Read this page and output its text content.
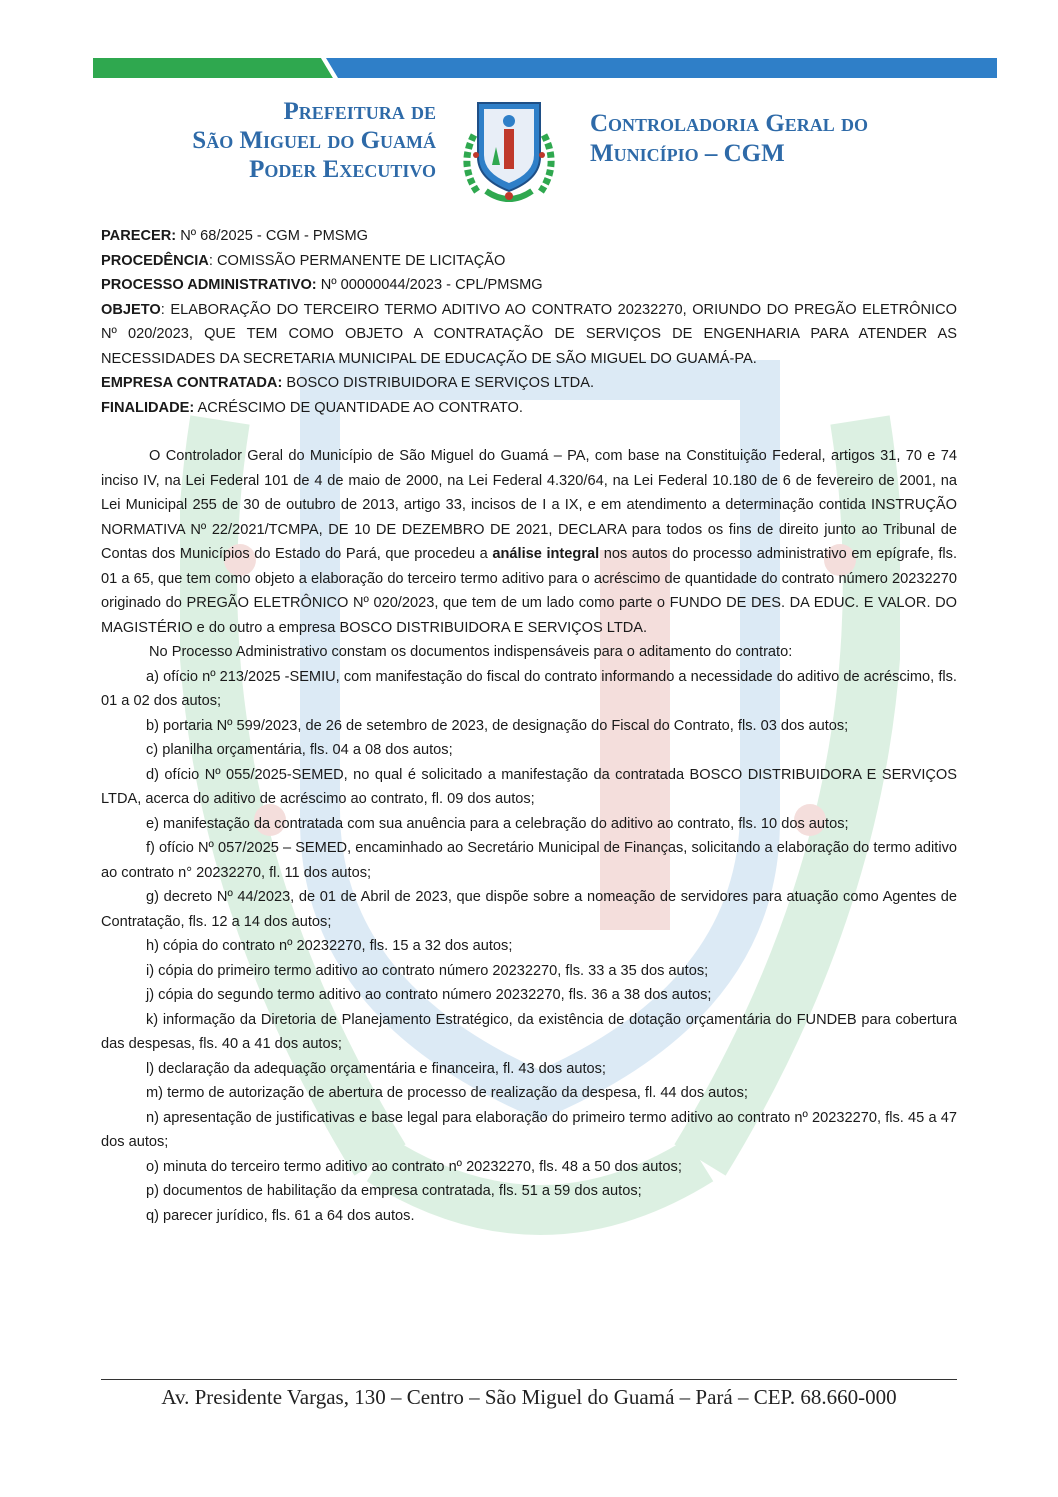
Prefeitura de
São Miguel do Guamá
Poder Executivo
Controladoria Geral do
Município – CGM

PARECER: Nº 68/2025 - CGM - PMSMG

PROCEDÊNCIA: COMISSÃO PERMANENTE DE LICITAÇÃO

PROCESSO ADMINISTRATIVO: Nº 00000044/2023 - CPL/PMSMG

OBJETO: ELABORAÇÃO DO TERCEIRO TERMO ADITIVO AO CONTRATO 20232270, ORIUNDO DO PREGÃO ELETRÔNICO Nº 020/2023, QUE TEM COMO OBJETO A CONTRATAÇÃO DE SERVIÇOS DE ENGENHARIA PARA ATENDER AS NECESSIDADES DA SECRETARIA MUNICIPAL DE EDUCAÇÃO DE SÃO MIGUEL DO GUAMÁ-PA.

EMPRESA CONTRATADA: BOSCO DISTRIBUIDORA E SERVIÇOS LTDA.

FINALIDADE: ACRÉSCIMO DE QUANTIDADE AO CONTRATO.

O Controlador Geral do Município de São Miguel do Guamá – PA, com base na Constituição Federal, artigos 31, 70 e 74 inciso IV, na Lei Federal 101 de 4 de maio de 2000, na Lei Federal 4.320/64, na Lei Federal 10.180 de 6 de fevereiro de 2001, na Lei Municipal 255 de 30 de outubro de 2013, artigo 33, incisos de I a IX, e em atendimento a determinação contida INSTRUÇÃO NORMATIVA Nº 22/2021/TCMPA, DE 10 DE DEZEMBRO DE 2021, DECLARA para todos os fins de direito junto ao Tribunal de Contas dos Municípios do Estado do Pará, que procedeu a análise integral nos autos do processo administrativo em epígrafe, fls. 01 a 65, que tem como objeto a elaboração do terceiro termo aditivo para o acréscimo de quantidade do contrato número 20232270 originado do PREGÃO ELETRÔNICO Nº 020/2023, que tem de um lado como parte o FUNDO DE DES. DA EDUC. E VALOR. DO MAGISTÉRIO e do outro a empresa BOSCO DISTRIBUIDORA E SERVIÇOS LTDA.

No Processo Administrativo constam os documentos indispensáveis para o aditamento do contrato:

a) ofício nº 213/2025 -SEMIU, com manifestação do fiscal do contrato informando a necessidade do aditivo de acréscimo, fls. 01 a 02 dos autos;

b) portaria Nº 599/2023, de 26 de setembro de 2023, de designação do Fiscal do Contrato, fls. 03 dos autos;

c) planilha orçamentária, fls. 04 a 08 dos autos;

d) ofício Nº 055/2025-SEMED, no qual é solicitado a manifestação da contratada BOSCO DISTRIBUIDORA E SERVIÇOS LTDA, acerca do aditivo de acréscimo ao contrato, fl. 09 dos autos;

e) manifestação da contratada com sua anuência para a celebração do aditivo ao contrato, fls. 10 dos autos;

f) ofício Nº 057/2025 – SEMED, encaminhado ao Secretário Municipal de Finanças, solicitando a elaboração do termo aditivo ao contrato n° 20232270, fl. 11 dos autos;

g) decreto Nº 44/2023, de 01 de Abril de 2023, que dispõe sobre a nomeação de servidores para atuação como Agentes de Contratação, fls. 12 a 14 dos autos;

h) cópia do contrato nº 20232270, fls. 15 a 32 dos autos;

i) cópia do primeiro termo aditivo ao contrato número 20232270, fls. 33 a 35 dos autos;

j) cópia do segundo termo aditivo ao contrato número 20232270, fls. 36 a 38 dos autos;

k) informação da Diretoria de Planejamento Estratégico, da existência de dotação orçamentária do FUNDEB para cobertura das despesas, fls. 40 a 41 dos autos;

l) declaração da adequação orçamentária e financeira, fl. 43 dos autos;

m) termo de autorização de abertura de processo de realização da despesa, fl. 44 dos autos;

n) apresentação de justificativas e base legal para elaboração do primeiro termo aditivo ao contrato nº 20232270, fls. 45 a 47 dos autos;

o) minuta do terceiro termo aditivo ao contrato nº 20232270, fls. 48 a 50 dos autos;

p) documentos de habilitação da empresa contratada, fls. 51 a 59 dos autos;

q) parecer jurídico, fls. 61 a 64 dos autos.

Av. Presidente Vargas, 130 – Centro – São Miguel do Guamá – Pará – CEP. 68.660-000
